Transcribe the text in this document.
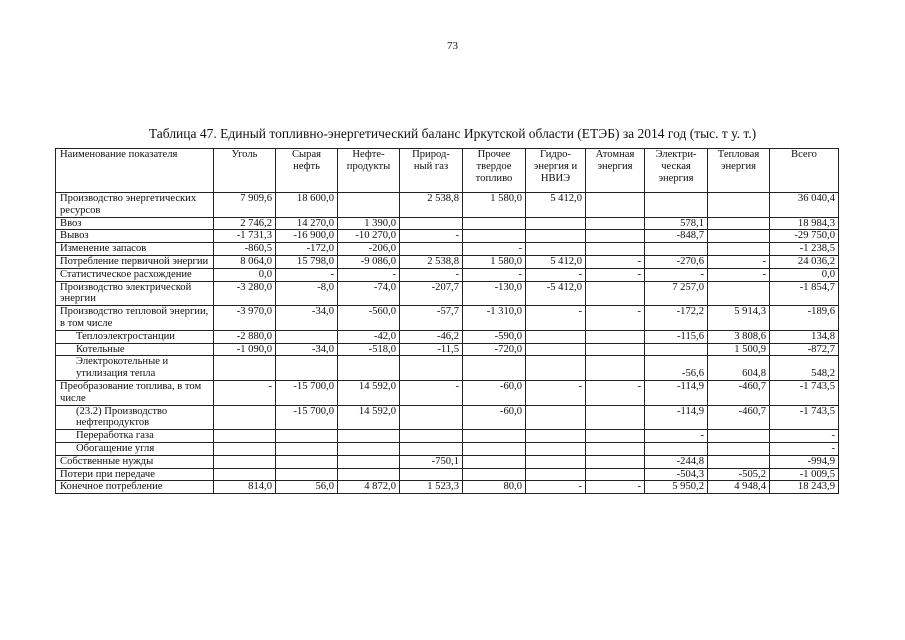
73
Таблица 47. Единый топливно-энергетический баланс Иркутской области (ЕТЭБ) за 2014 год (тыс. т у. т.)
Наименование показателя	Уголь	Сырая нефть	Нефте-продукты	Природ-ный газ	Прочее твердое топливо	Гидро-энергия и НВИЭ	Атомная энергия	Электри-ческая энергия	Тепловая энергия	Всего
Производство энергетических ресурсов	7 909,6	18 600,0		2 538,8	1 580,0	5 412,0				36 040,4
Ввоз	2 746,2	14 270,0	1 390,0					578,1		18 984,3
Вывоз	-1 731,3	-16 900,0	-10 270,0	-				-848,7		-29 750,0
Изменение запасов	-860,5	-172,0	-206,0		-					-1 238,5
Потребление первичной энергии	8 064,0	15 798,0	-9 086,0	2 538,8	1 580,0	5 412,0	-	-270,6	-	24 036,2
Статистическое расхождение	0,0	-	-	-	-	-	-	-	-	0,0
Производство электрической энергии	-3 280,0	-8,0	-74,0	-207,7	-130,0	-5 412,0		7 257,0		-1 854,7
Производство тепловой энергии, в том числе	-3 970,0	-34,0	-560,0	-57,7	-1 310,0	-	-	-172,2	5 914,3	-189,6
Теплоэлектростанции	-2 880,0		-42,0	-46,2	-590,0			-115,6	3 808,6	134,8
Котельные	-1 090,0	-34,0	-518,0	-11,5	-720,0				1 500,9	-872,7
Электрокотельные и утилизация тепла								-56,6	604,8	548,2
Преобразование топлива, в том числе	-	-15 700,0	14 592,0	-	-60,0	-	-	-114,9	-460,7	-1 743,5
(23.2) Производство нефтепродуктов		-15 700,0	14 592,0		-60,0			-114,9	-460,7	-1 743,5
Переработка газа								-		-
Обогащение угля										-
Собственные нужды				-750,1				-244,8		-994,9
Потери при передаче								-504,3	-505,2	-1 009,5
Конечное потребление	814,0	56,0	4 872,0	1 523,3	80,0	-	-	5 950,2	4 948,4	18 243,9
